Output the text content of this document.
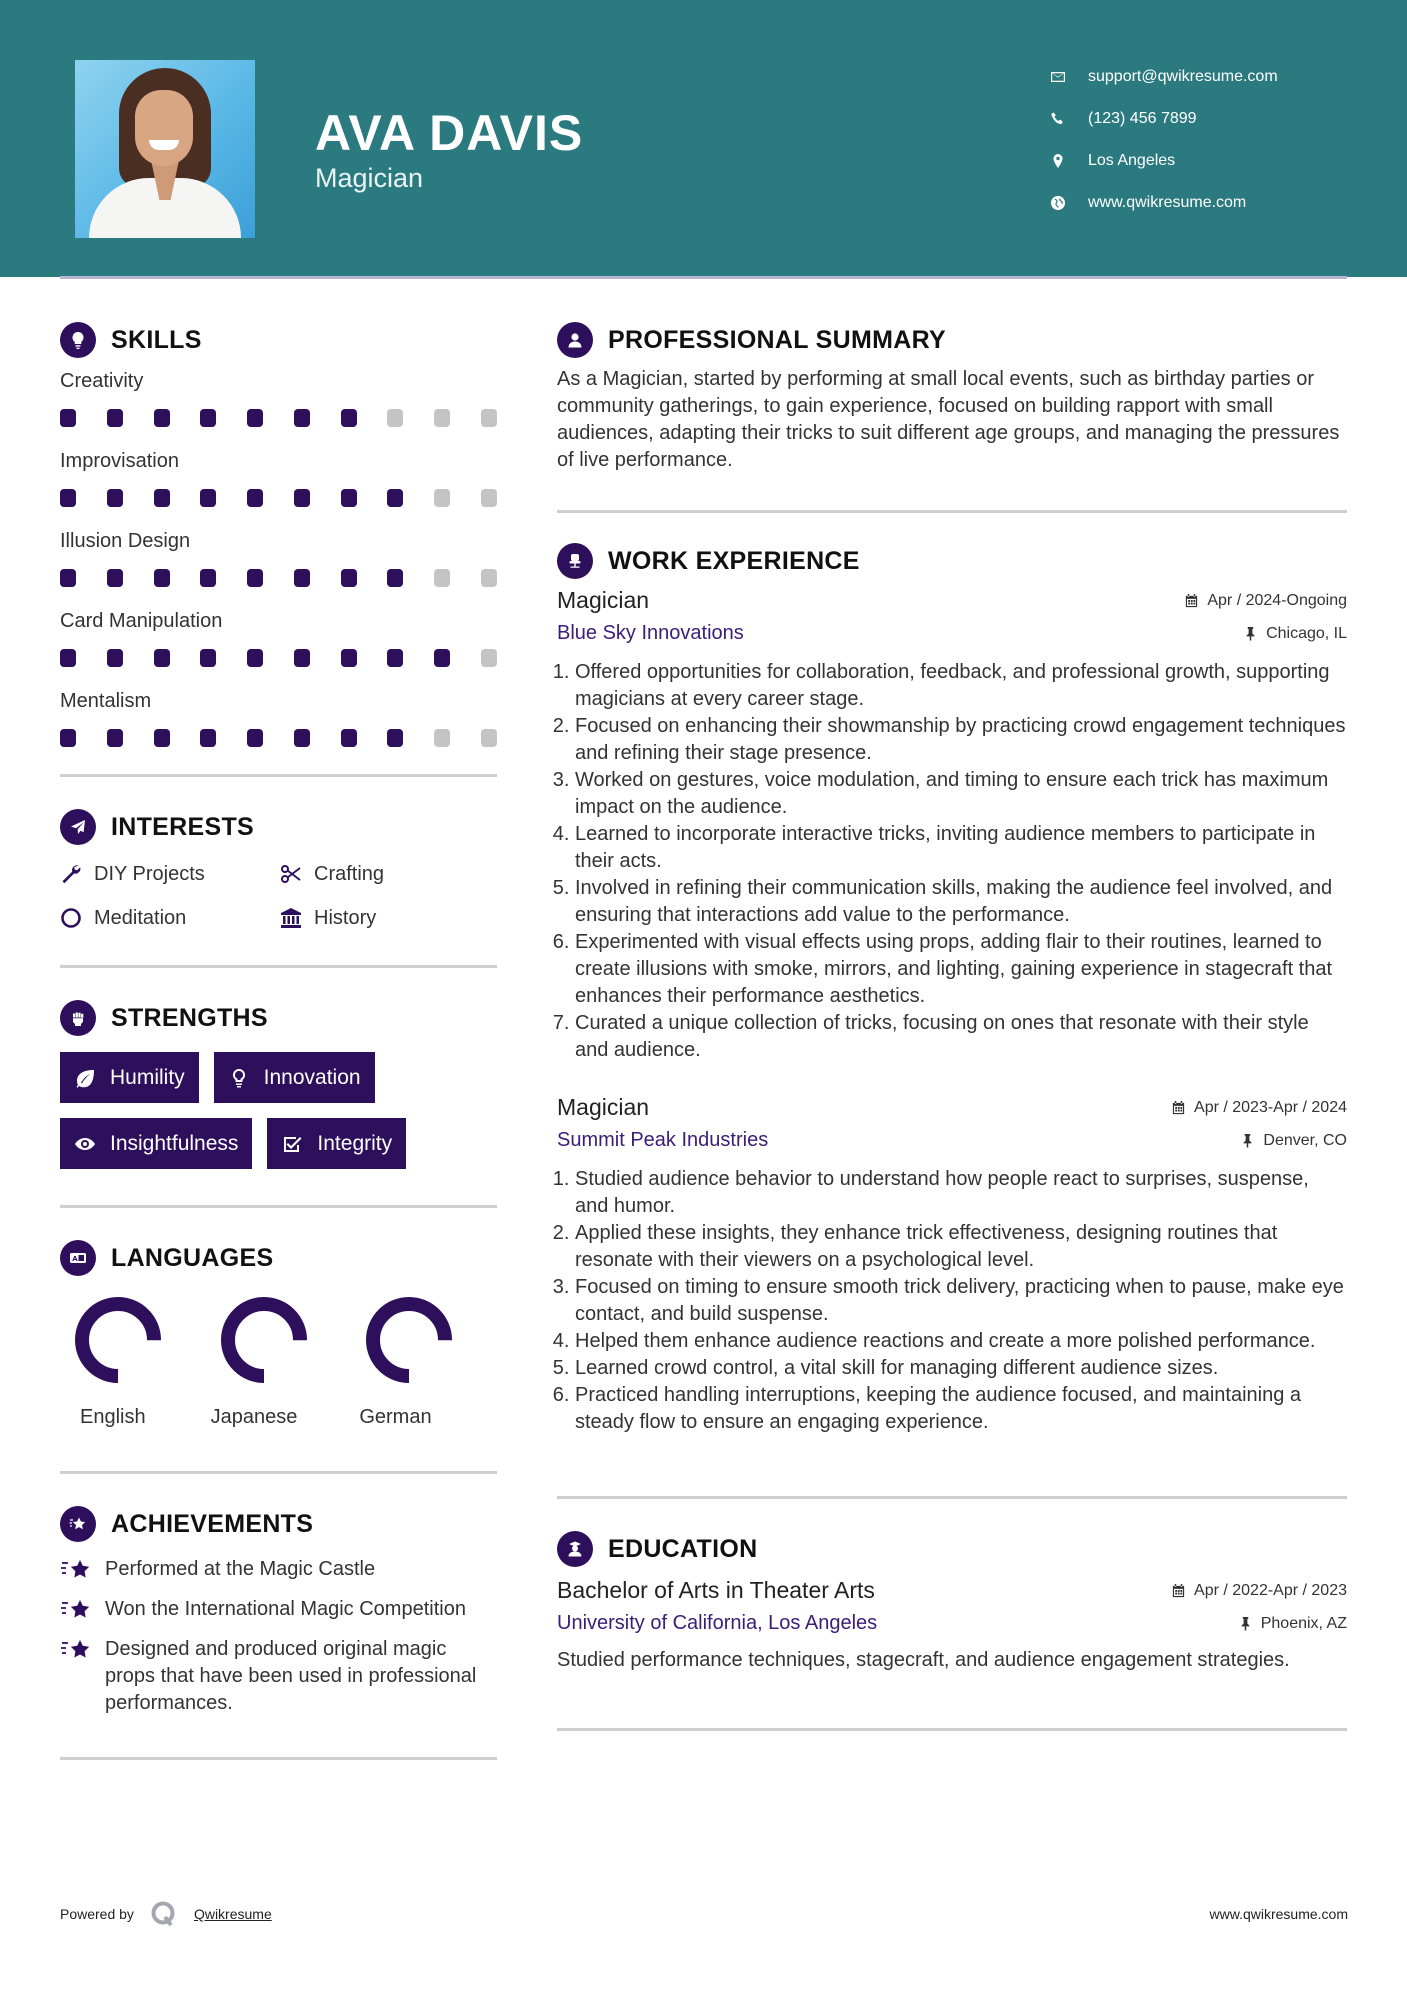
AVA DAVIS
Magician
support@qwikresume.com
(123) 456 7899
Los Angeles
www.qwikresume.com
SKILLS
Creativity
Improvisation
Illusion Design
Card Manipulation
Mentalism
INTERESTS
DIY Projects	Crafting
Meditation	History
STRENGTHS
Humility	Innovation
Insightfulness	Integrity
A LANGUAGES
English	Japanese	German
ACHIEVEMENTS
Performed at the Magic Castle
Won the International Magic Competition
Designed and produced original magic props that have been used in professional performances.
PROFESSIONAL SUMMARY

As a Magician, started by performing at small local events, such as birthday parties or community gatherings, to gain experience, focused on building rapport with small audiences, adapting their tricks to suit different age groups, and managing the pressures of live performance.

WORK EXPERIENCE
Magician	Apr / 2024-Ongoing
Blue Sky Innovations	Chicago, IL
1. Offered opportunities for collaboration, feedback, and professional growth, supporting magicians at every career stage.
2. Focused on enhancing their showmanship by practicing crowd engagement techniques and refining their stage presence.
3. Worked on gestures, voice modulation, and timing to ensure each trick has maximum impact on the audience.
4. Learned to incorporate interactive tricks, inviting audience members to participate in their acts.
5. Involved in refining their communication skills, making the audience feel involved, and ensuring that interactions add value to the performance.
6. Experimented with visual effects using props, adding flair to their routines, learned to create illusions with smoke, mirrors, and lighting, gaining experience in stagecraft that enhances their performance aesthetics.
7. Curated a unique collection of tricks, focusing on ones that resonate with their style and audience.
Magician	Apr / 2023-Apr / 2024
Summit Peak Industries	Denver, CO
1. Studied audience behavior to understand how people react to surprises, suspense, and humor.
2. Applied these insights, they enhance trick effectiveness, designing routines that resonate with their viewers on a psychological level.
3. Focused on timing to ensure smooth trick delivery, practicing when to pause, make eye contact, and build suspense.
4. Helped them enhance audience reactions and create a more polished performance.
5. Learned crowd control, a vital skill for managing different audience sizes.
6. Practiced handling interruptions, keeping the audience focused, and maintaining a steady flow to ensure an engaging experience.
EDUCATION
Bachelor of Arts in Theater Arts	Apr / 2022-Apr / 2023
University of California, Los Angeles	Phoenix, AZ

Studied performance techniques, stagecraft, and audience engagement strategies.

Powered by	Qwikresume	www.qwikresume.com
